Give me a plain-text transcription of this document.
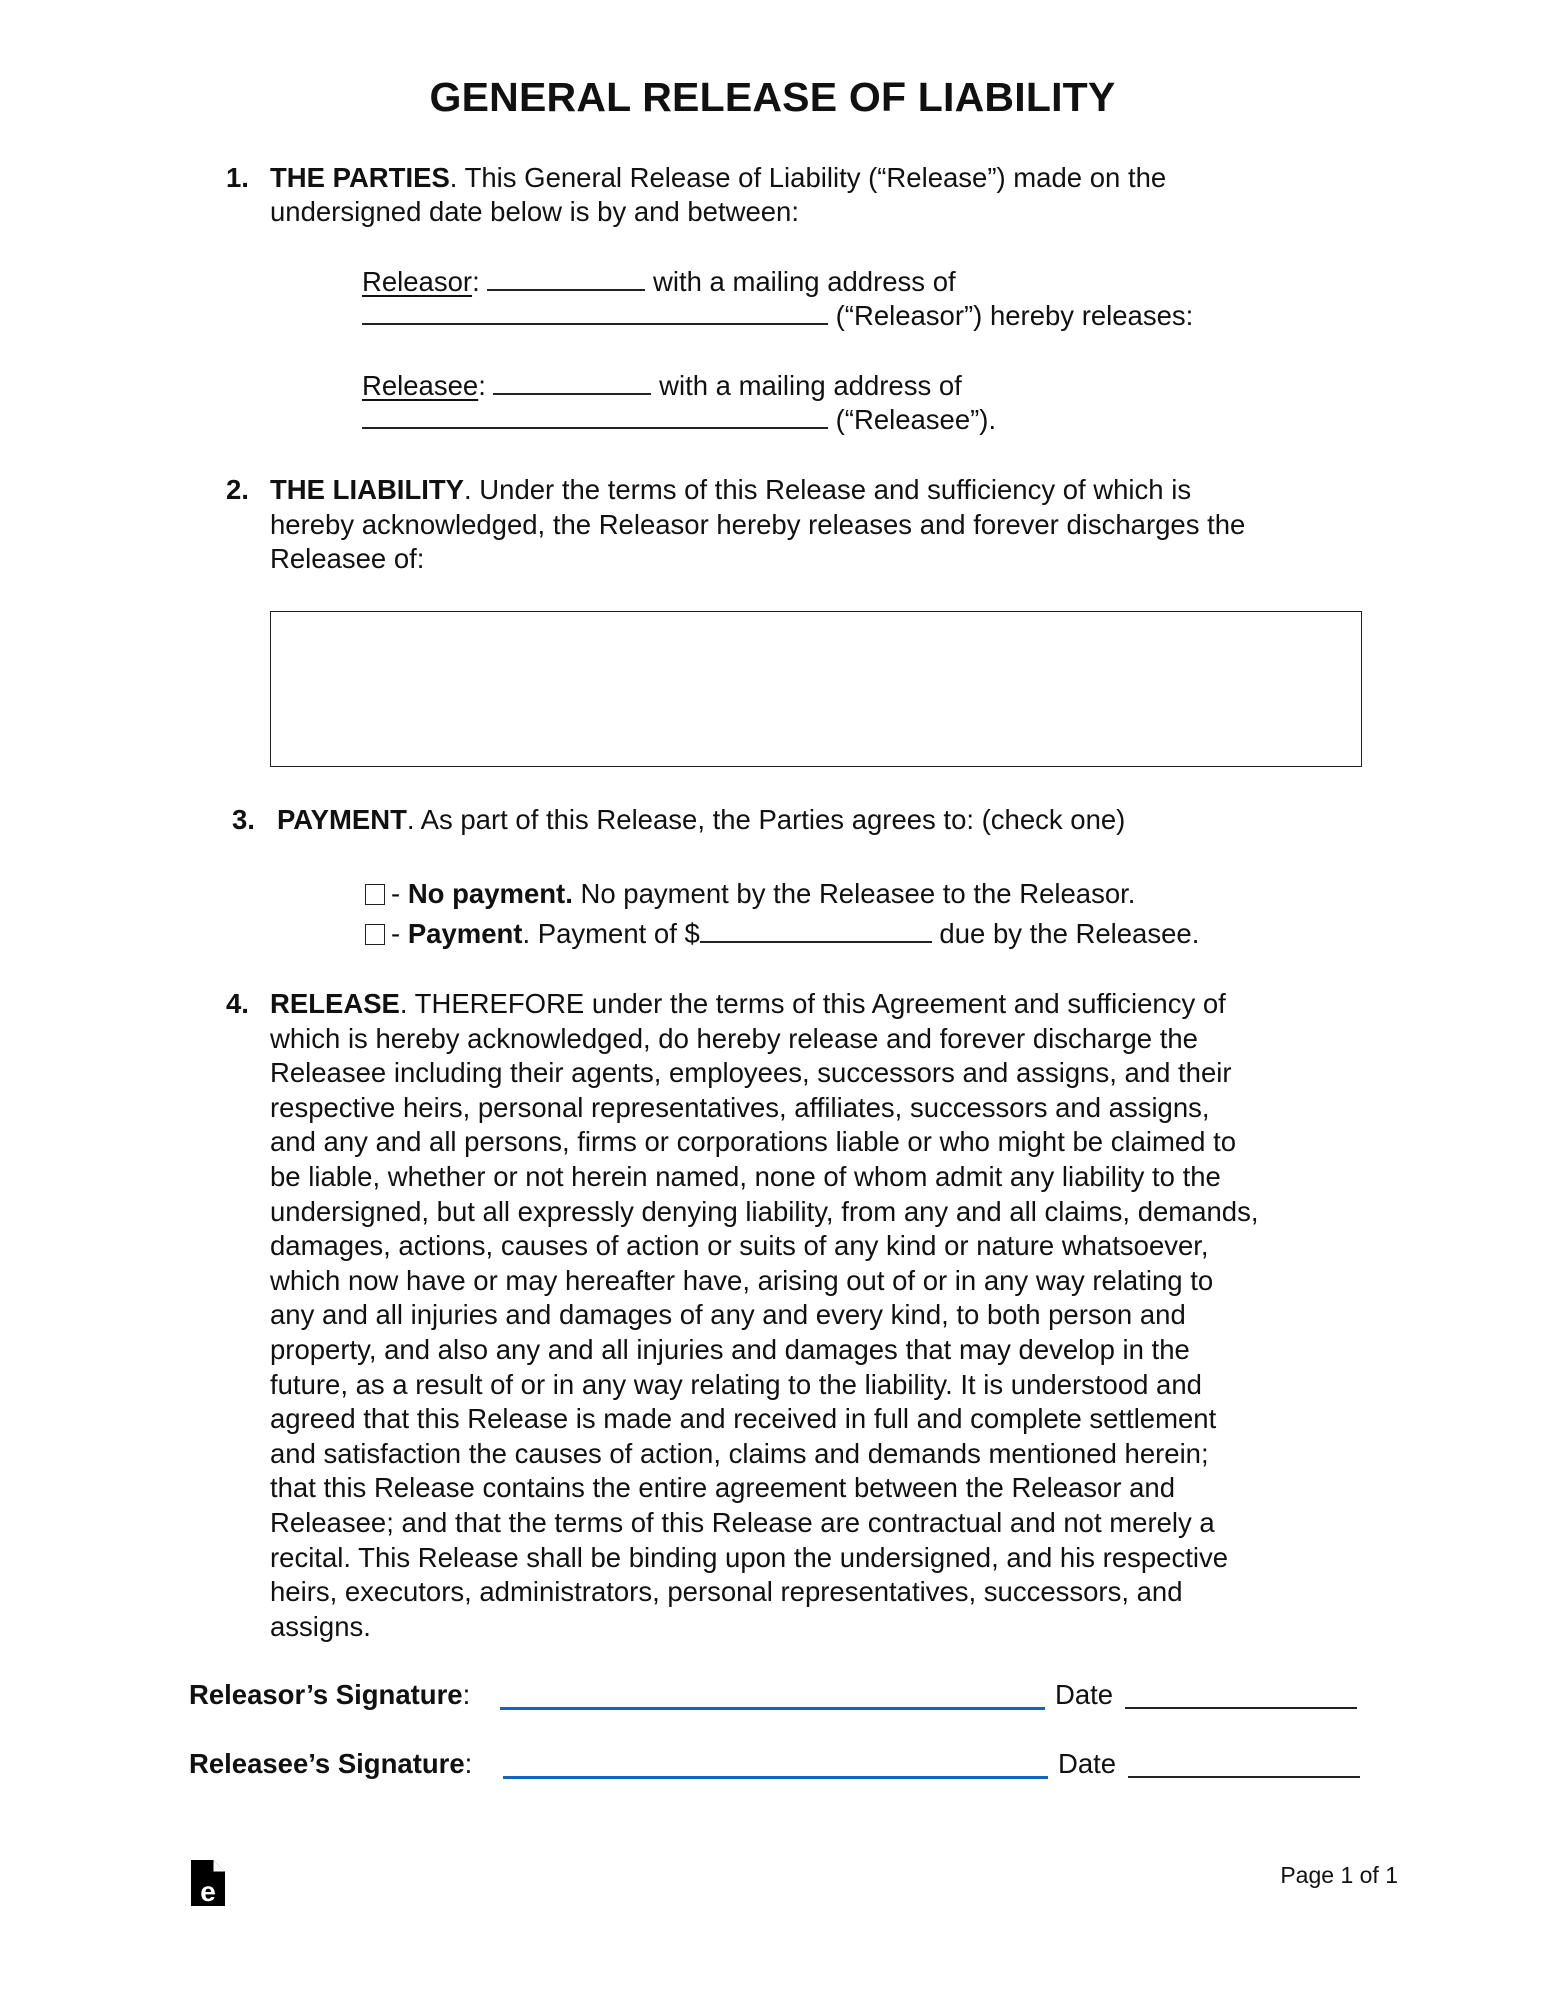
GENERAL RELEASE OF LIABILITY
1. THE PARTIES. This General Release of Liability (“Release”) made on the
undersigned date below is by and between:
Releasor:	with a mailing address of
(“Releasor”) hereby releases:
Releasee:	with a mailing address of
(“Releasee”).
2. THE LIABILITY. Under the terms of this Release and sufficiency of which is
hereby acknowledged, the Releasor hereby releases and forever discharges the
Releasee of:
3. PAYMENT. As part of this Release, the Parties agrees to: (check one)
- No payment. No payment by the Releasee to the Releasor.
- Payment. Payment of $	due by the Releasee.
4. RELEASE. THEREFORE under the terms of this Agreement and sufficiency of

which is hereby acknowledged, do hereby release and forever discharge the

Releasee including their agents, employees, successors and assigns, and their

respective heirs, personal representatives, affiliates, successors and assigns,

and any and all persons, firms or corporations liable or who might be claimed to

be liable, whether or not herein named, none of whom admit any liability to the

undersigned, but all expressly denying liability, from any and all claims, demands,

damages, actions, causes of action or suits of any kind or nature whatsoever,

which now have or may hereafter have, arising out of or in any way relating to

any and all injuries and damages of any and every kind, to both person and

property, and also any and all injuries and damages that may develop in the

future, as a result of or in any way relating to the liability. It is understood and

agreed that this Release is made and received in full and complete settlement

and satisfaction the causes of action, claims and demands mentioned herein;

that this Release contains the entire agreement between the Releasor and

Releasee; and that the terms of this Release are contractual and not merely a

recital. This Release shall be binding upon the undersigned, and his respective

heirs, executors, administrators, personal representatives, successors, and

assigns.

Releasor’s Signature:	Date
Releasee’s Signature:	Date
e
Page 1 of 1
